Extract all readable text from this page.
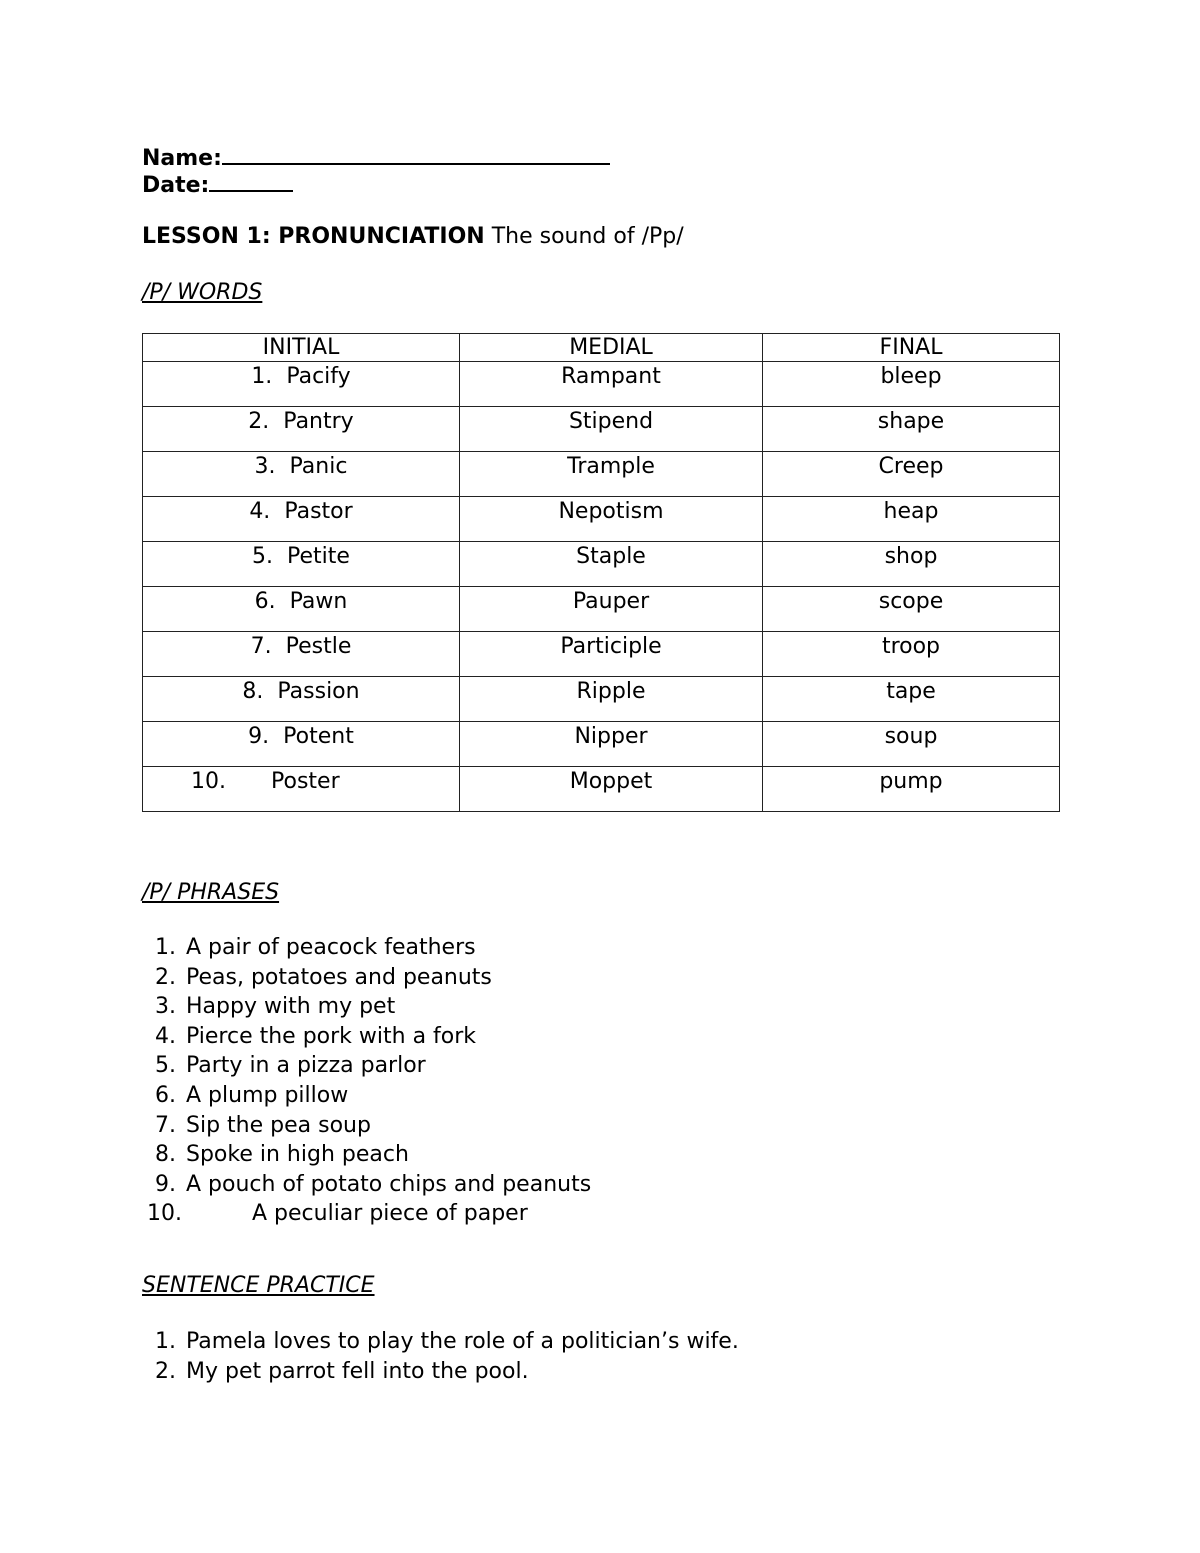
Name:
Date:
LESSON 1: PRONUNCIATION The sound of /Pp/
/P/ WORDS
INITIAL	MEDIAL	FINAL
1. Pacify	Rampant	bleep
2. Pantry	Stipend	shape
3. Panic	Trample	Creep
4. Pastor	Nepotism	heap
5. Petite	Staple	shop
6. Pawn	Pauper	scope
7. Pestle	Participle	troop
8. Passion	Ripple	tape
9. Potent	Nipper	soup

10. Poster	Moppet	pump
/P/ PHRASES
1. A pair of peacock feathers
2. Peas, potatoes and peanuts
3. Happy with my pet
4. Pierce the pork with a fork
5. Party in a pizza parlor
6. A plump pillow
7. Sip the pea soup
8. Spoke in high peach
9. A pouch of potato chips and peanuts
10.	A peculiar piece of paper
SENTENCE PRACTICE
1. Pamela loves to play the role of a politician’s wife.
2. My pet parrot fell into the pool.
